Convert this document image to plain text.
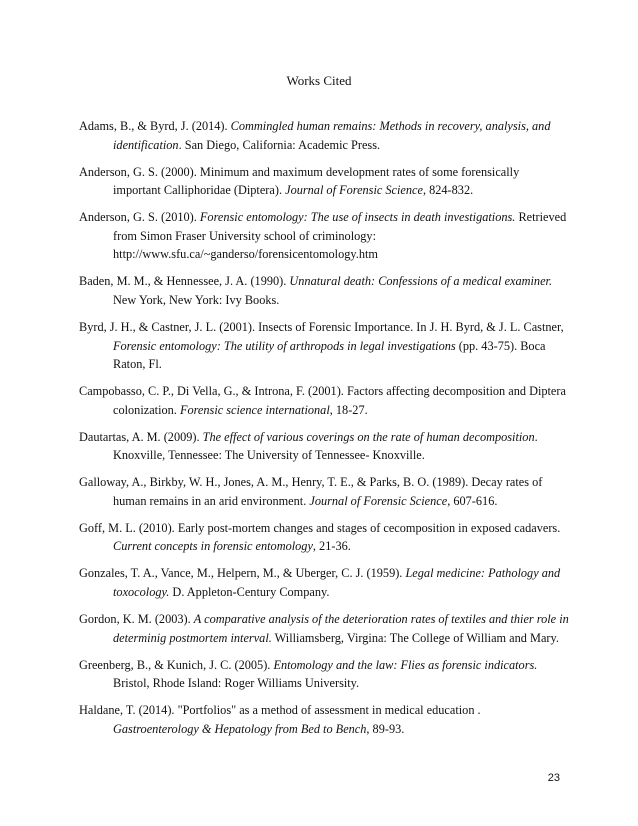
Works Cited

Adams, B., & Byrd, J. (2014). Commingled human remains: Methods in recovery, analysis, and identification. San Diego, California: Academic Press.

Anderson, G. S. (2000). Minimum and maximum development rates of some forensically important Calliphoridae (Diptera). Journal of Forensic Science, 824-832.

Anderson, G. S. (2010). Forensic entomology: The use of insects in death investigations. Retrieved from Simon Fraser University school of criminology: http://www.sfu.ca/~ganderso/forensicentomology.htm

Baden, M. M., & Hennessee, J. A. (1990). Unnatural death: Confessions of a medical examiner. New York, New York: Ivy Books.

Byrd, J. H., & Castner, J. L. (2001). Insects of Forensic Importance. In J. H. Byrd, & J. L. Castner, Forensic entomology: The utility of arthropods in legal investigations (pp. 43-75). Boca Raton, Fl.

Campobasso, C. P., Di Vella, G., & Introna, F. (2001). Factors affecting decomposition and Diptera colonization. Forensic science international, 18-27.

Dautartas, A. M. (2009). The effect of various coverings on the rate of human decomposition. Knoxville, Tennessee: The University of Tennessee- Knoxville.

Galloway, A., Birkby, W. H., Jones, A. M., Henry, T. E., & Parks, B. O. (1989). Decay rates of human remains in an arid environment. Journal of Forensic Science, 607-616.

Goff, M. L. (2010). Early post-mortem changes and stages of cecomposition in exposed cadavers. Current concepts in forensic entomology, 21-36.

Gonzales, T. A., Vance, M., Helpern, M., & Uberger, C. J. (1959). Legal medicine: Pathology and toxocology. D. Appleton-Century Company.

Gordon, K. M. (2003). A comparative analysis of the deterioration rates of textiles and thier role in determinig postmortem interval. Williamsberg, Virgina: The College of William and Mary.

Greenberg, B., & Kunich, J. C. (2005). Entomology and the law: Flies as forensic indicators. Bristol, Rhode Island: Roger Williams University.

Haldane, T. (2014). "Portfolios" as a method of assessment in medical education . Gastroenterology & Hepatology from Bed to Bench, 89-93.

23
